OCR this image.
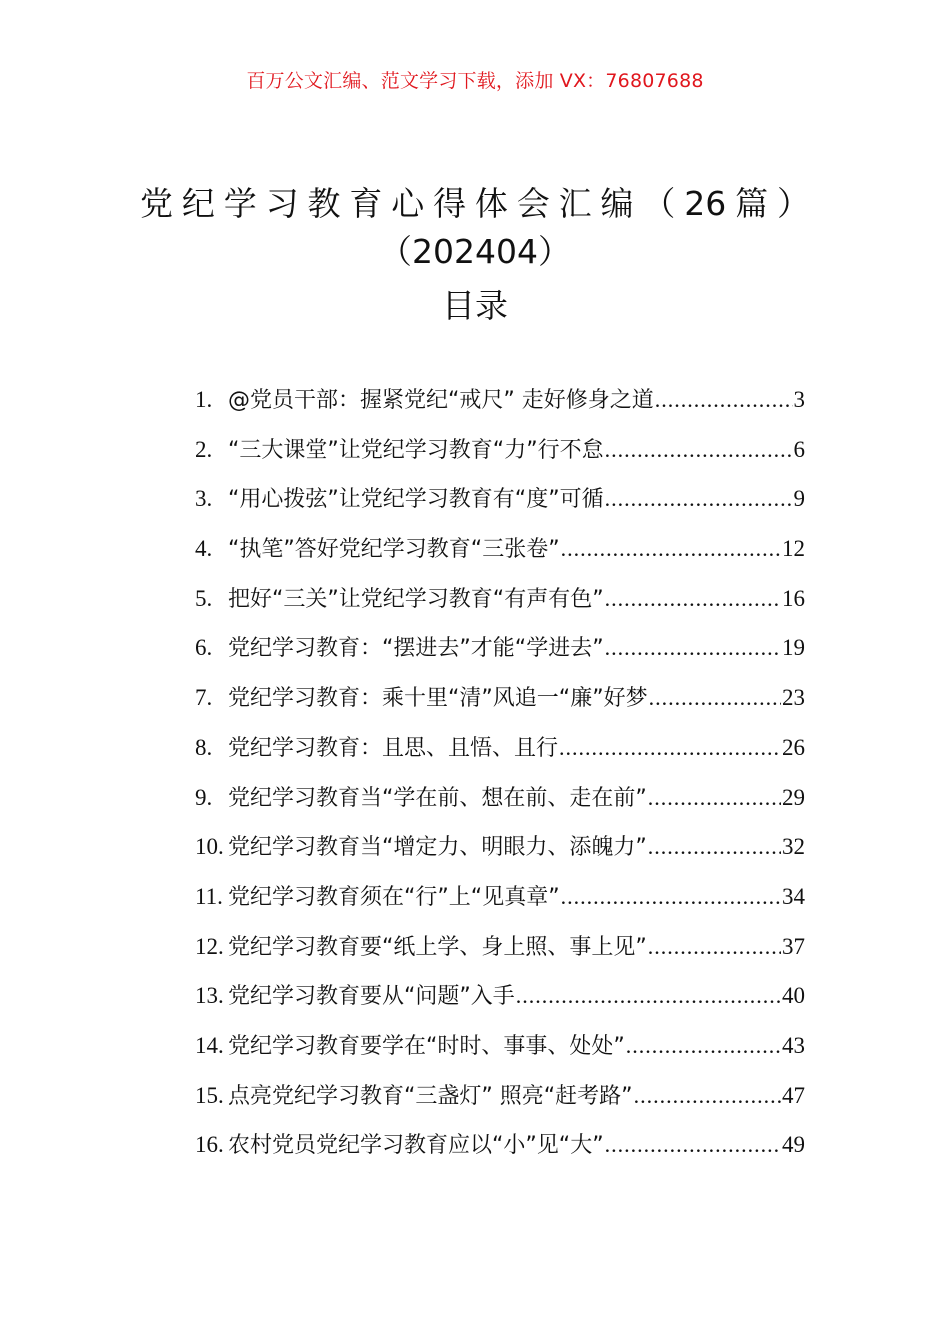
百万公文汇编、范文学习下载，添加 VX：76807688
党纪学习教育心得体会汇编（26篇）（202404）
目录
1. @党员干部：握紧党纪“戒尺” 走好修身之道 .....	3
2. “三大课堂”让党纪学习教育“力”行不怠 .....	6
3. “用心拨弦”让党纪学习教育有“度”可循 .....	9
4. “执笔”答好党纪学习教育“三张卷” .....	12
5. 把好“三关”让党纪学习教育“有声有色” .....	16
6. 党纪学习教育：“摆进去”才能“学进去” .....	19
7. 党纪学习教育：乘十里“清”风追一“廉”好梦 .....	23
8. 党纪学习教育：且思、且悟、且行 .....	26
9. 党纪学习教育当“学在前、想在前、走在前” .....	29
10. 党纪学习教育当“增定力、明眼力、添魄力” .....	32
11. 党纪学习教育须在“行”上“见真章” .....	34
12. 党纪学习教育要“纸上学、身上照、事上见” .....	37
13. 党纪学习教育要从“问题”入手 .....	40
14. 党纪学习教育要学在“时时、事事、处处” .....	43
15. 点亮党纪学习教育“三盏灯” 照亮“赶考路” .....	47
16. 农村党员党纪学习教育应以“小”见“大” .....	49
